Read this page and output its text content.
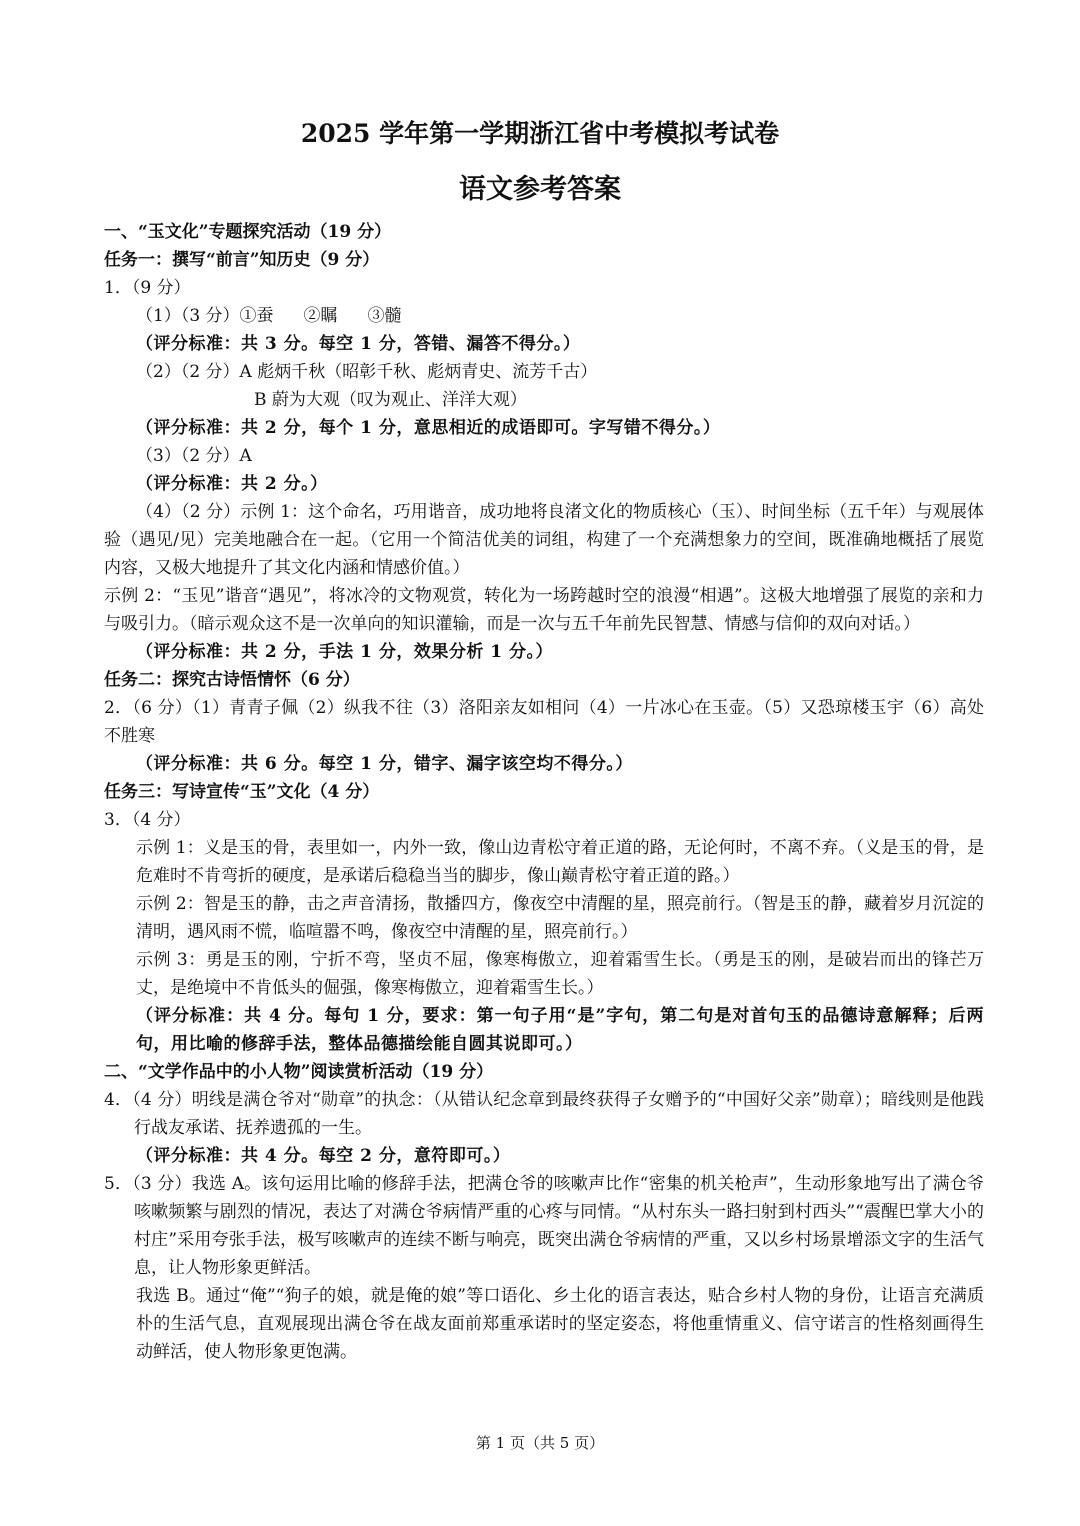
2025 学年第一学期浙江省中考模拟考试卷
语文参考答案
一、“玉文化”专题探究活动（19 分）
任务一：撰写“前言”知历史（9 分）
1．（9 分）
（1）（3 分）①蚕 ②瞩 ③髓
（评分标准：共 3 分。每空 1 分，答错、漏答不得分。）
（2）（2 分）A 彪炳千秋（昭彰千秋、彪炳青史、流芳千古）
B 蔚为大观（叹为观止、洋洋大观）
（评分标准：共 2 分，每个 1 分，意思相近的成语即可。字写错不得分。）
（3）（2 分）A
（评分标准：共 2 分。）
（4）（2 分）示例 1：这个命名，巧用谐音，成功地将良渚文化的物质核心（玉）、时间坐标（五千年）与观展体验（遇见/见）完美地融合在一起。（它用一个简洁优美的词组，构建了一个充满想象力的空间，既准确地概括了展览内容，又极大地提升了其文化内涵和情感价值。）
示例 2：“玉见”谐音“遇见”，将冰冷的文物观赏，转化为一场跨越时空的浪漫“相遇”。这极大地增强了展览的亲和力与吸引力。（暗示观众这不是一次单向的知识灌输，而是一次与五千年前先民智慧、情感与信仰的双向对话。）
（评分标准：共 2 分，手法 1 分，效果分析 1 分。）
任务二：探究古诗悟情怀（6 分）
2．（6 分）（1）青青子佩（2）纵我不往（3）洛阳亲友如相问（4）一片冰心在玉壶。（5）又恐琼楼玉宇（6）高处不胜寒
（评分标准：共 6 分。每空 1 分，错字、漏字该空均不得分。）
任务三：写诗宣传“玉”文化（4 分）
3．（4 分）
示例 1：义是玉的骨，表里如一，内外一致，像山边青松守着正道的路，无论何时，不离不弃。（义是玉的骨，是危难时不肯弯折的硬度，是承诺后稳稳当当的脚步，像山巅青松守着正道的路。）
示例 2：智是玉的静，击之声音清扬，散播四方，像夜空中清醒的星，照亮前行。（智是玉的静，藏着岁月沉淀的清明，遇风雨不慌，临喧嚣不鸣，像夜空中清醒的星，照亮前行。）
示例 3：勇是玉的刚，宁折不弯，坚贞不屈，像寒梅傲立，迎着霜雪生长。（勇是玉的刚，是破岩而出的锋芒万丈，是绝境中不肯低头的倔强，像寒梅傲立，迎着霜雪生长。）
（评分标准：共 4 分。每句 1 分，要求：第一句子用“是”字句，第二句是对首句玉的品德诗意解释；后两句，用比喻的修辞手法，整体品德描绘能自圆其说即可。）
二、“文学作品中的小人物”阅读赏析活动（19 分）
4．（4 分）明线是满仓爷对“勋章”的执念：（从错认纪念章到最终获得子女赠予的“中国好父亲”勋章）；暗线则是他践行战友承诺、抚养遗孤的一生。
（评分标准：共 4 分。每空 2 分，意符即可。）
5．（3 分）我选 A。该句运用比喻的修辞手法，把满仓爷的咳嗽声比作“密集的机关枪声”，生动形象地写出了满仓爷咳嗽频繁与剧烈的情况，表达了对满仓爷病情严重的心疼与同情。“从村东头一路扫射到村西头”“震醒巴掌大小的村庄”采用夸张手法，极写咳嗽声的连续不断与响亮，既突出满仓爷病情的严重，又以乡村场景增添文字的生活气息，让人物形象更鲜活。
我选 B。通过“俺”“狗子的娘，就是俺的娘”等口语化、乡土化的语言表达，贴合乡村人物的身份，让语言充满质朴的生活气息，直观展现出满仓爷在战友面前郑重承诺时的坚定姿态，将他重情重义、信守诺言的性格刻画得生动鲜活，使人物形象更饱满。
第 1 页（共 5 页）
